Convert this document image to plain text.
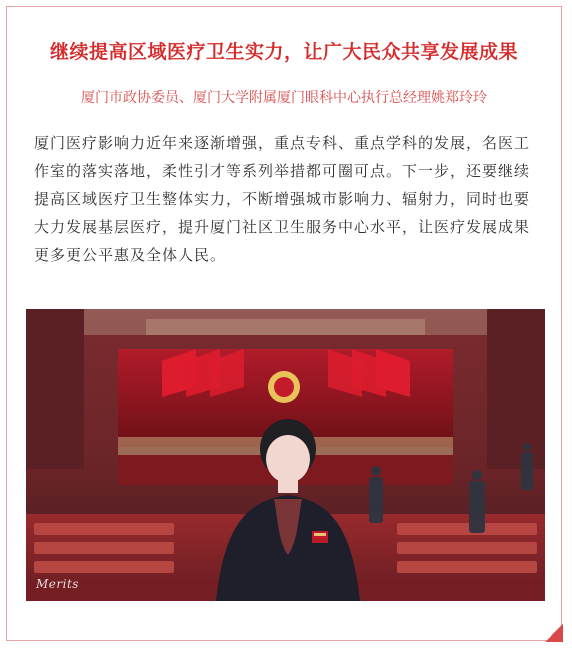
继续提高区域医疗卫生实力，让广大民众共享发展成果
厦门市政协委员、厦门大学附属厦门眼科中心执行总经理姚郑玲玲
厦门医疗影响力近年来逐渐增强，重点专科、重点学科的发展，名医工作室的落实落地，柔性引才等系列举措都可圈可点。下一步，还要继续提高区域医疗卫生整体实力，不断增强城市影响力、辐射力，同时也要大力发展基层医疗，提升厦门社区卫生服务中心水平，让医疗发展成果更多更公平惠及全体人民。
Merits
